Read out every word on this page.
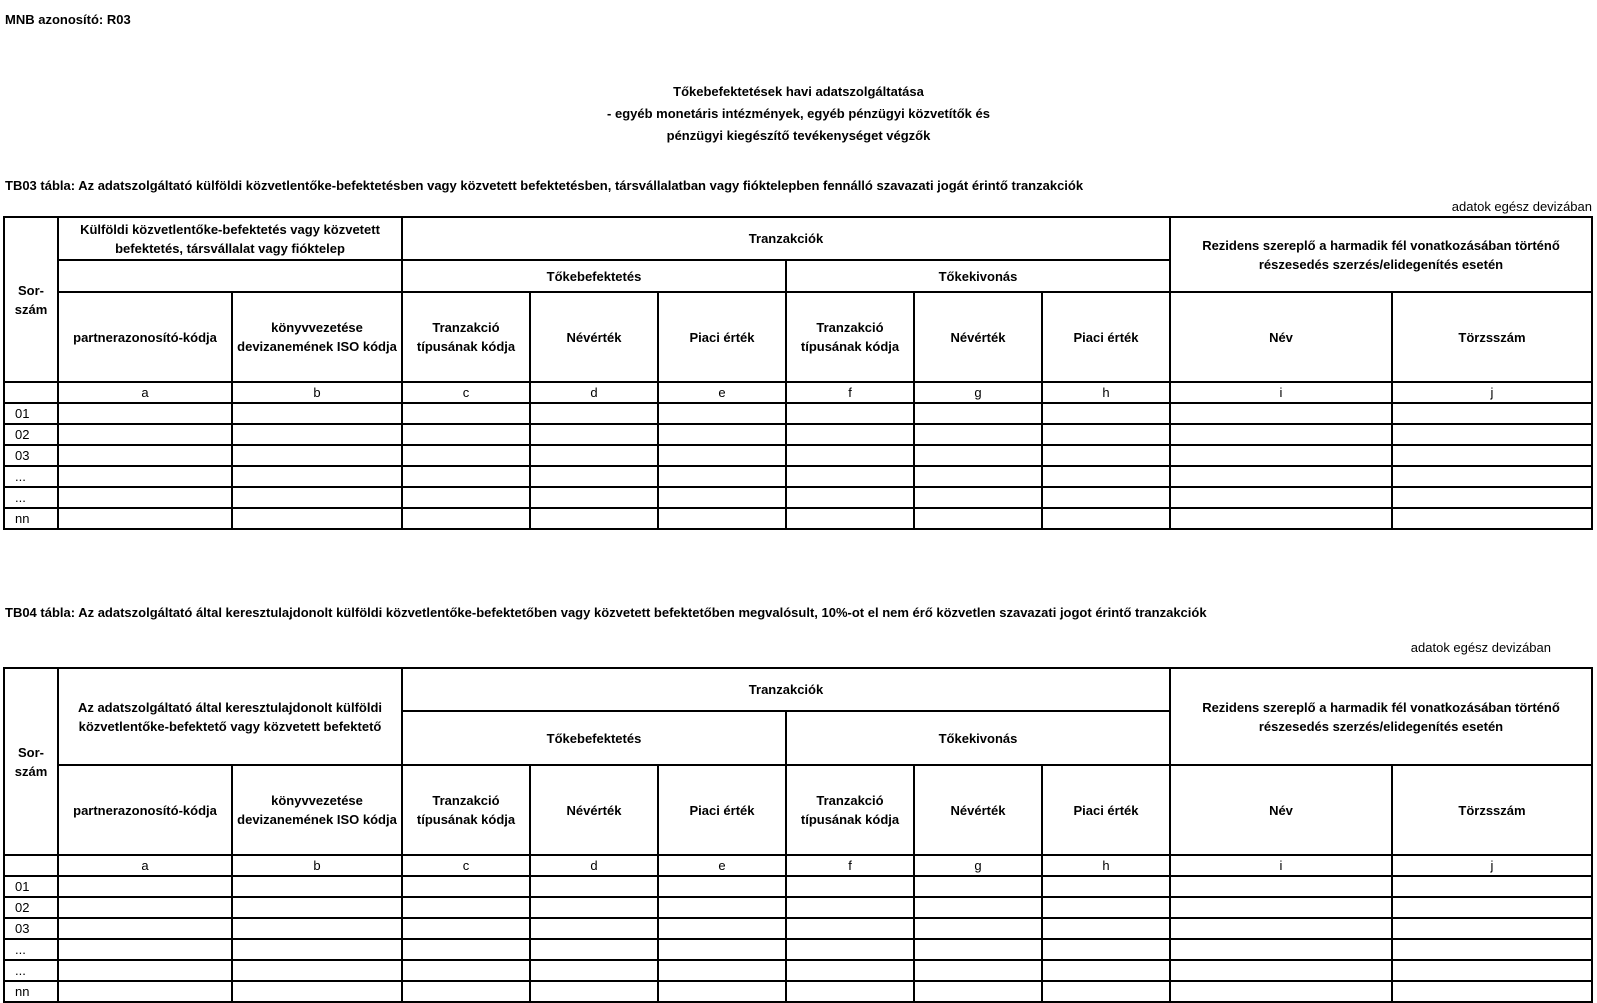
MNB azonosító: R03
Tőkebefektetések havi adatszolgáltatása
- egyéb monetáris intézmények, egyéb pénzügyi közvetítők és
pénzügyi kiegészítő tevékenységet végzők
TB03 tábla: Az adatszolgáltató külföldi közvetlentőke-befektetésben vagy közvetett befektetésben, társvállalatban vagy fióktelepben fennálló szavazati jogát érintő tranzakciók
adatok egész devizában
Sor-szám	Külföldi közvetlentőke-befektetés vagy közvetett befektetés, társvállalat vagy fióktelep		Tranzakciók						Rezidens szereplő a harmadik fél vonatkozásában történő részesedés szerzés/elidegenítés esetén	
			Tőkebefektetés			Tőkekivonás				
	partnerazonosító-kódja	könyvvezetése devizanemének ISO kódja	Tranzakció típusának kódja	Névérték	Piaci érték	Tranzakció típusának kódja	Névérték	Piaci érték	Név	Törzsszám
	a	b	c	d	e	f	g	h	i	j
01										
02										
03										
...										
...										
nn										
TB04 tábla: Az adatszolgáltató által keresztulajdonolt külföldi közvetlentőke-befektetőben vagy közvetett befektetőben megvalósult, 10%-ot el nem érő közvetlen szavazati jogot érintő tranzakciók
adatok egész devizában
Sor-szám	Az adatszolgáltató által keresztulajdonolt külföldi közvetlentőke-befektető vagy közvetett befektető		Tranzakciók						Rezidens szereplő a harmadik fél vonatkozásában történő részesedés szerzés/elidegenítés esetén	
			Tőkebefektetés			Tőkekivonás				
	partnerazonosító-kódja	könyvvezetése devizanemének ISO kódja	Tranzakció típusának kódja	Névérték	Piaci érték	Tranzakció típusának kódja	Névérték	Piaci érték	Név	Törzsszám
	a	b	c	d	e	f	g	h	i	j
01										
02										
03										
...										
...										
nn										
